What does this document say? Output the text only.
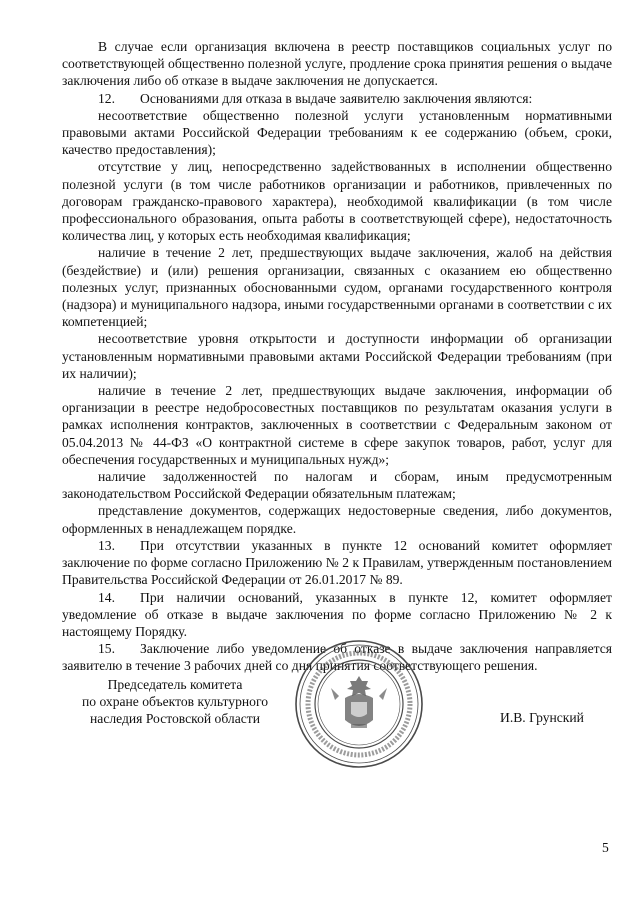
В случае если организация включена в реестр поставщиков социальных услуг по соответствующей общественно полезной услуге, продление срока принятия решения о выдаче заключения либо об отказе в выдаче заключения не допускается.

12. Основаниями для отказа в выдаче заявителю заключения являются:

несоответствие общественно полезной услуги установленным нормативными правовыми актами Российской Федерации требованиям к ее содержанию (объем, сроки, качество предоставления);

отсутствие у лиц, непосредственно задействованных в исполнении общественно полезной услуги (в том числе работников организации и работников, привлеченных по договорам гражданско-правового характера), необходимой квалификации (в том числе профессионального образования, опыта работы в соответствующей сфере), недостаточность количества лиц, у которых есть необходимая квалификация;

наличие в течение 2 лет, предшествующих выдаче заключения, жалоб на действия (бездействие) и (или) решения организации, связанных с оказанием ею общественно полезных услуг, признанных обоснованными судом, органами государственного контроля (надзора) и муниципального надзора, иными государственными органами в соответствии с их компетенцией;

несоответствие уровня открытости и доступности информации об организации установленным нормативными правовыми актами Российской Федерации требованиям (при их наличии);

наличие в течение 2 лет, предшествующих выдаче заключения, информации об организации в реестре недобросовестных поставщиков по результатам оказания услуги в рамках исполнения контрактов, заключенных в соответствии с Федеральным законом от 05.04.2013 № 44-ФЗ «О контрактной системе в сфере закупок товаров, работ, услуг для обеспечения государственных и муниципальных нужд»;

наличие задолженностей по налогам и сборам, иным предусмотренным законодательством Российской Федерации обязательным платежам;

представление документов, содержащих недостоверные сведения, либо документов, оформленных в ненадлежащем порядке.

13. При отсутствии указанных в пункте 12 оснований комитет оформляет заключение по форме согласно Приложению № 2 к Правилам, утвержденным постановлением Правительства Российской Федерации от 26.01.2017 № 89.

14. При наличии оснований, указанных в пункте 12, комитет оформляет уведомление об отказе в выдаче заключения по форме согласно Приложению № 2 к настоящему Порядку.

15. Заключение либо уведомление об отказе в выдаче заключения направляется заявителю в течение 3 рабочих дней со дня принятия соответствующего решения.

Председатель комитета
по охране объектов культурного
наследия Ростовской области	И.В. Грунский
5
